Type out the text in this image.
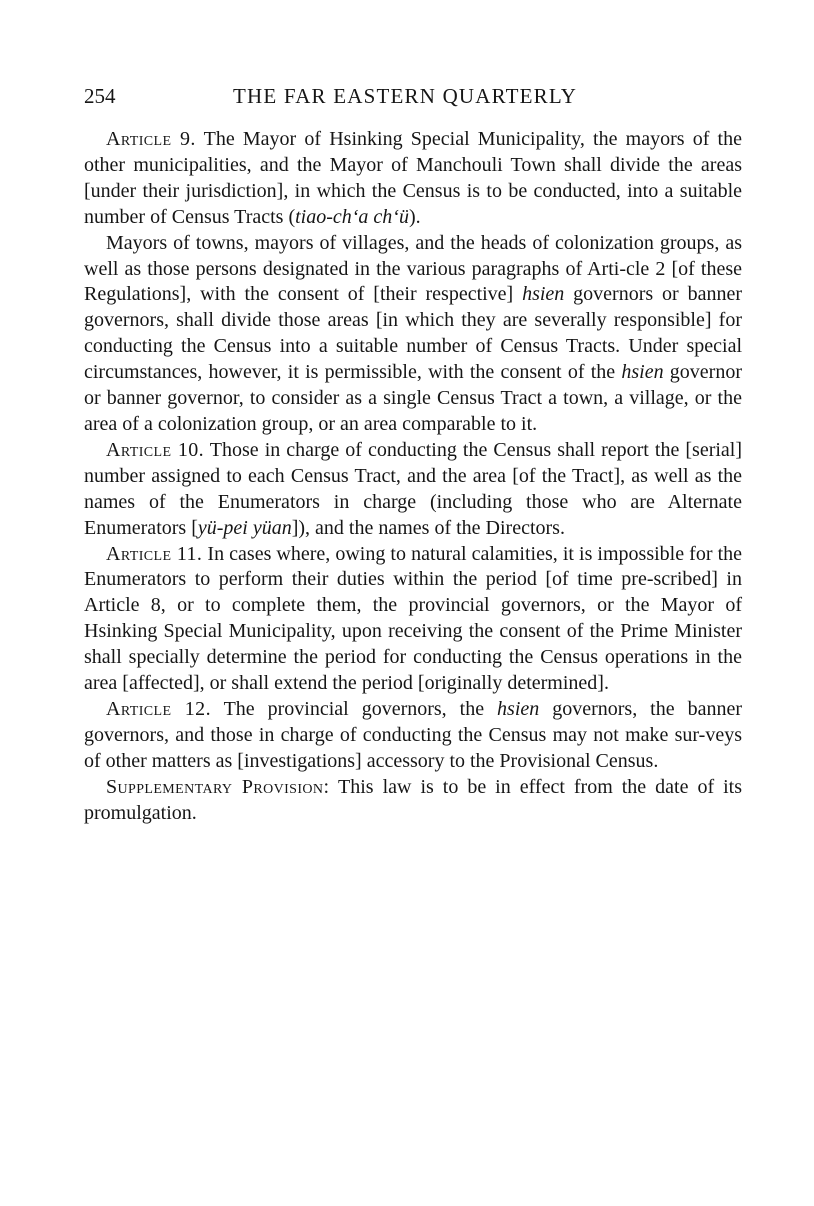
254	THE FAR EASTERN QUARTERLY

Article 9. The Mayor of Hsinking Special Municipality, the mayors of the other municipalities, and the Mayor of Manchouli Town shall divide the areas [under their jurisdiction], in which the Census is to be conducted, into a suitable number of Census Tracts (tiao-ch‘a ch‘ü).

Mayors of towns, mayors of villages, and the heads of colonization groups, as well as those persons designated in the various paragraphs of Arti-cle 2 [of these Regulations], with the consent of [their respective] hsien governors or banner governors, shall divide those areas [in which they are severally responsible] for conducting the Census into a suitable number of Census Tracts. Under special circumstances, however, it is permissible, with the consent of the hsien governor or banner governor, to consider as a single Census Tract a town, a village, or the area of a colonization group, or an area comparable to it.

Article 10. Those in charge of conducting the Census shall report the [serial] number assigned to each Census Tract, and the area [of the Tract], as well as the names of the Enumerators in charge (including those who are Alternate Enumerators [yü-pei yüan]), and the names of the Directors.

Article 11. In cases where, owing to natural calamities, it is impossible for the Enumerators to perform their duties within the period [of time pre-scribed] in Article 8, or to complete them, the provincial governors, or the Mayor of Hsinking Special Municipality, upon receiving the consent of the Prime Minister shall specially determine the period for conducting the Census operations in the area [affected], or shall extend the period [originally determined].

Article 12. The provincial governors, the hsien governors, the banner governors, and those in charge of conducting the Census may not make sur-veys of other matters as [investigations] accessory to the Provisional Census.

Supplementary Provision: This law is to be in effect from the date of its promulgation.
